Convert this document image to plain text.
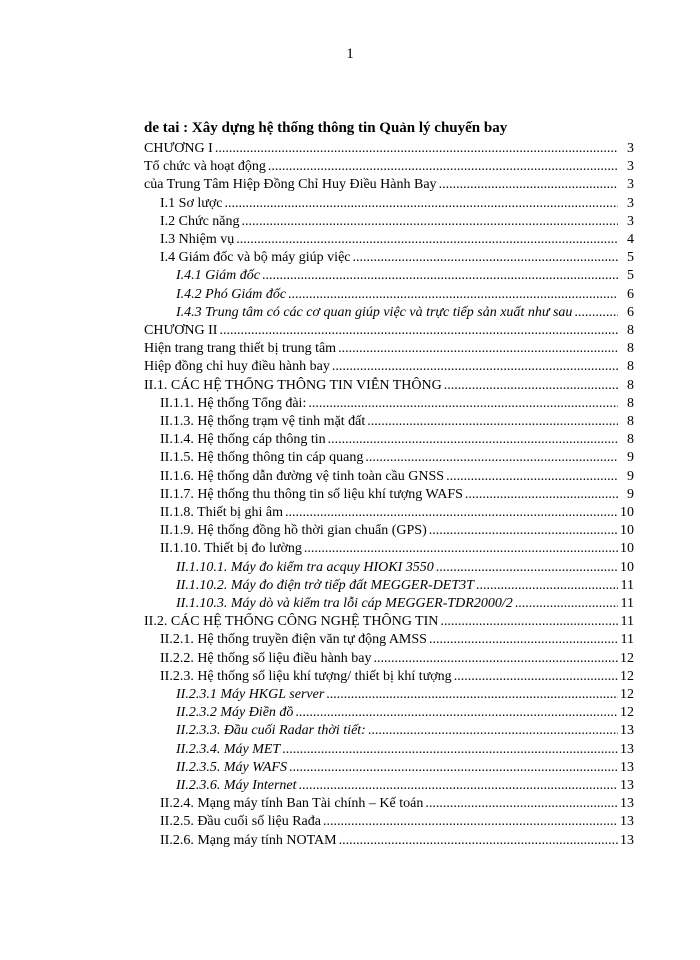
1
de tai : Xây dựng hệ thống thông tin Quản lý chuyến bay
CHƯƠNG I .....	3
Tổ chức và hoạt động .....	3
của Trung Tâm Hiệp Đồng Chỉ Huy Điều Hành Bay .....	3
I.1 Sơ lược .....	3
I.2 Chức năng .....	3
I.3 Nhiệm vụ .....	4
I.4 Giám đốc và bộ máy giúp việc .....	5
I.4.1 Giám đốc .....	5
I.4.2 Phó Giám đốc .....	6
I.4.3 Trung tâm có các cơ quan giúp việc và trực tiếp sản xuất như sau .....	6
CHƯƠNG II .....	8
Hiện trang trang thiết bị trung tâm .....	8
Hiệp đồng chỉ huy điều hành bay .....	8
II.1. CÁC HỆ THỐNG THÔNG TIN VIỄN THÔNG .....	8
II.1.1. Hệ thống Tổng đài: .....	8
II.1.3. Hệ thống trạm vệ tinh mặt đất .....	8
II.1.4. Hệ thống cáp thông tin .....	8
II.1.5. Hệ thống thông tin cáp quang .....	9
II.1.6. Hệ thống dẫn đường vệ tinh toàn cầu GNSS .....	9
II.1.7. Hệ thống thu thông tin số liệu khí tượng WAFS .....	9
II.1.8. Thiết bị ghi âm .....	10
II.1.9. Hệ thống đồng hồ thời gian chuẩn (GPS) .....	10
II.1.10. Thiết bị đo lường .....	10
II.1.10.1. Máy đo kiểm tra acquy HIOKI 3550 .....	10
II.1.10.2. Máy đo điện trở tiếp đất MEGGER-DET3T .....	11
II.1.10.3. Máy dò và kiểm tra lỗi cáp MEGGER-TDR2000/2 .....	11
II.2. CÁC HỆ THỐNG CÔNG NGHỆ THÔNG TIN .....	11
II.2.1. Hệ thống truyền điện văn tự động AMSS .....	11
II.2.2. Hệ thống số liệu điều hành bay .....	12
II.2.3. Hệ thống số liệu khí tượng/ thiết bị khí tượng .....	12
II.2.3.1 Máy HKGL server .....	12
II.2.3.2 Máy Điền đồ .....	12
II.2.3.3. Đầu cuối Radar thời tiết: .....	13
II.2.3.4. Máy MET .....	13
II.2.3.5. Máy WAFS .....	13
II.2.3.6. Máy Internet .....	13
II.2.4. Mạng máy tính Ban Tài chính – Kế toán .....	13
II.2.5. Đầu cuối số liệu Rađa .....	13
II.2.6. Mạng máy tính NOTAM .....	13
